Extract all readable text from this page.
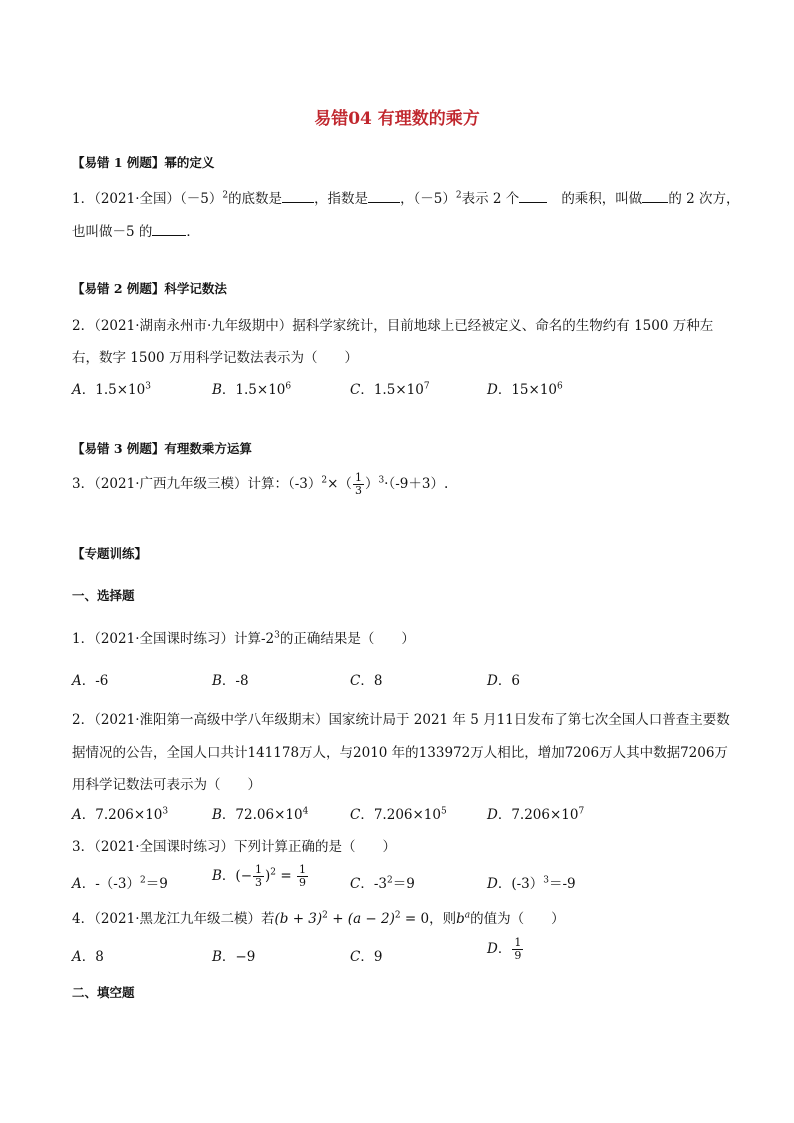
易错04 有理数的乘方
【易错 1 例题】幂的定义
1．（2021·全国）$(-5)^2$的底数是 ，指数是 ，$(-5)^2$表示 2 个	的乘积，叫做 的 2 次方，
也叫做－5 的	．
【易错 2 例题】科学记数法
2．（2021·湖南永州市·九年级期中）据科学家统计，目前地球上已经被定义、命名的生物约有 1500 万种左
右，数字 1500 万用科学记数法表示为（　　）
A．$1.5\times 10^3$	B．$1.5\times 10^6$	C．$1.5\times 10^7$	D．$15\times 10^6$
【易错 3 例题】有理数乘方运算
3．（2021·广西九年级三模）计算：$(-3)^2\times( \frac{1}{3} )^3\cdot(-9+3)$.
【专题训练】
一、选择题
1．（2021·全国课时练习）计算$-2^3$的正确结果是（　　）
A．-6	B．-8	C．8	D．6
2．（2021·淮阳第一高级中学八年级期末）国家统计局于 2021 年 5 月11日发布了第七次全国人口普查主要数
据情况的公告，全国人口共计141178万人，与2010 年的133972万人相比，增加7206万人其中数据7206万
用科学记数法可表示为（　　）
A．$7.206\times 10^3$	B．$72.06\times 10^4$	C．$7.206\times 10^5$	D．$7.206\times 10^7$
3．（2021·全国课时练习）下列计算正确的是（　　）
A．$-(-3)^2=9$	B．(− $\frac{1}{3} )^2 = \frac{1}{9}$	C．$-3^2=9$	D．(-3）$^3$＝-9
4．（2021·黑龙江九年级二模）若$(b + 3)^2 + (a - 2)^2 = 0$，则$b^a$的值为（　　）
A．8	B．−9	C．9	D． $\frac{1}{9}$
二、填空题
